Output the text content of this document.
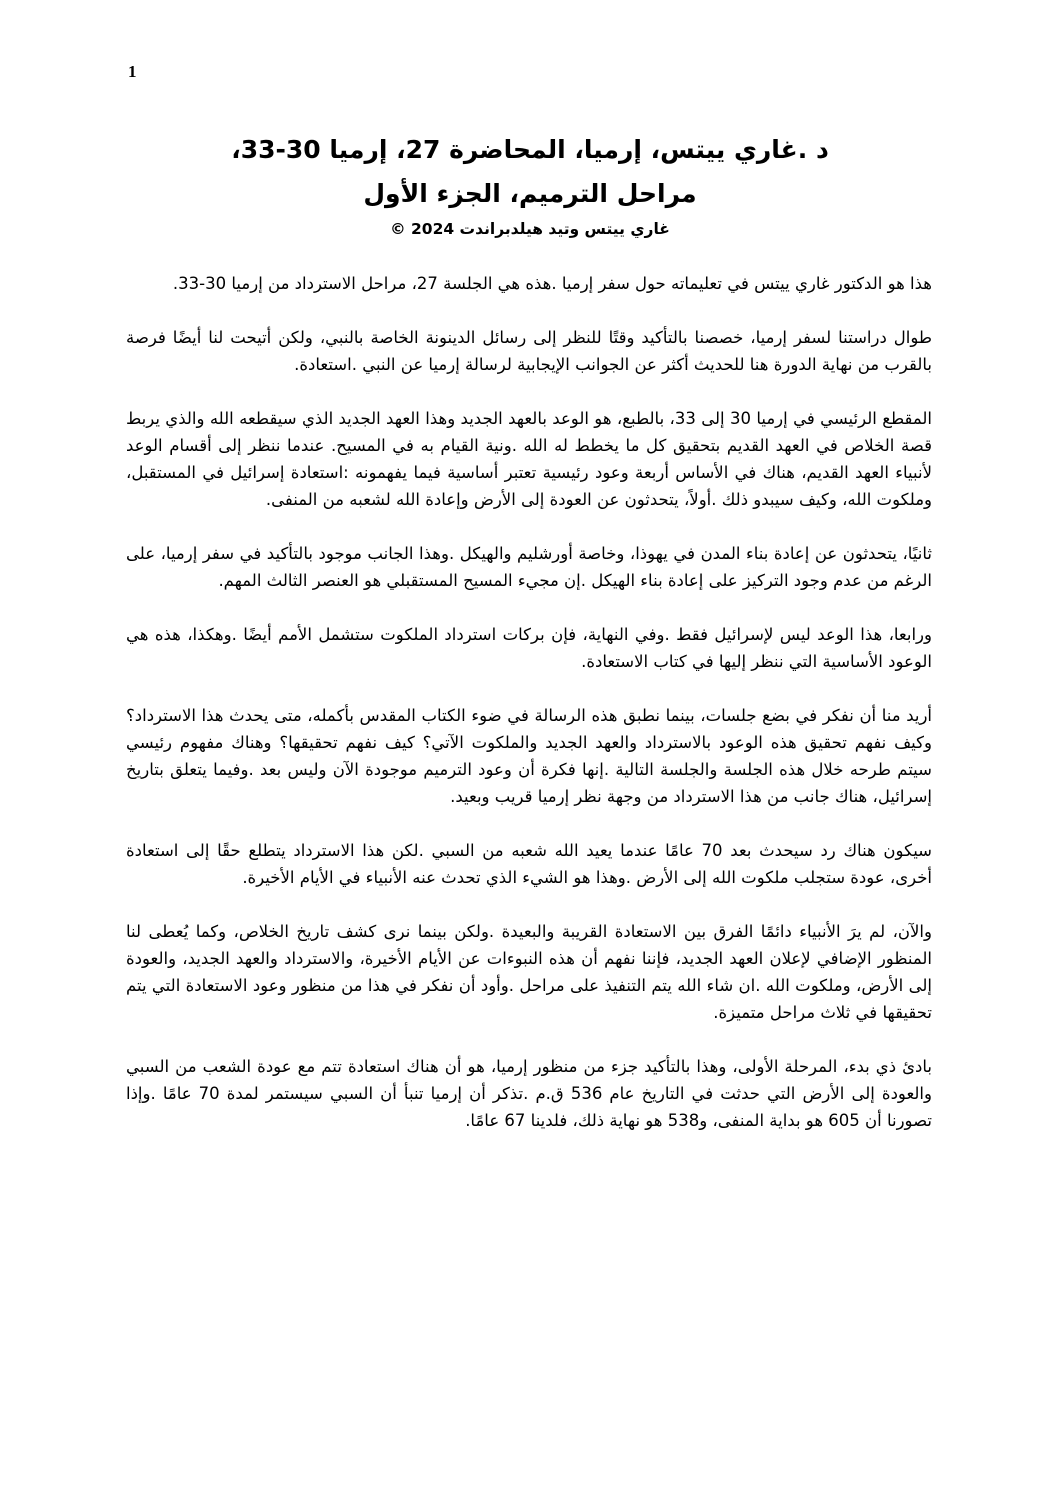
1
د .غاري ييتس، إرميا، المحاضرة 27، إرميا 30-33،
مراحل الترميم، الجزء الأول
غاري ييتس وتيد هيلدبراندت 2024 ©

هذا هو الدكتور غاري ييتس في تعليماته حول سفر إرميا .هذه هي الجلسة 27، مراحل الاسترداد من إرميا 30-33.

طوال دراستنا لسفر إرميا، خصصنا بالتأكيد وقتًا للنظر إلى رسائل الدينونة الخاصة بالنبي، ولكن أتيحت لنا أيضًا فرصة بالقرب من نهاية الدورة هنا للحديث أكثر عن الجوانب الإيجابية لرسالة إرميا عن النبي .استعادة.

المقطع الرئيسي في إرميا 30 إلى 33، بالطبع، هو الوعد بالعهد الجديد وهذا العهد الجديد الذي سيقطعه الله والذي يربط قصة الخلاص في العهد القديم بتحقيق كل ما يخطط له الله .ونية القيام به في المسيح. عندما ننظر إلى أقسام الوعد لأنبياء العهد القديم، هناك في الأساس أربعة وعود رئيسية تعتبر أساسية فيما يفهمونه :استعادة إسرائيل في المستقبل، وملكوت الله، وكيف سيبدو ذلك .أولاً، يتحدثون عن العودة إلى الأرض وإعادة الله لشعبه من المنفى.

ثانيًا، يتحدثون عن إعادة بناء المدن في يهوذا، وخاصة أورشليم والهيكل .وهذا الجانب موجود بالتأكيد في سفر إرميا، على الرغم من عدم وجود التركيز على إعادة بناء الهيكل .إن مجيء المسيح المستقبلي هو العنصر الثالث المهم.

ورابعا، هذا الوعد ليس لإسرائيل فقط .وفي النهاية، فإن بركات استرداد الملكوت ستشمل الأمم أيضًا .وهكذا، هذه هي الوعود الأساسية التي ننظر إليها في كتاب الاستعادة.

أريد منا أن نفكر في بضع جلسات، بينما نطبق هذه الرسالة في ضوء الكتاب المقدس بأكمله، متى يحدث هذا الاسترداد؟ وكيف نفهم تحقيق هذه الوعود بالاسترداد والعهد الجديد والملكوت الآتي؟ كيف نفهم تحقيقها؟ وهناك مفهوم رئيسي سيتم طرحه خلال هذه الجلسة والجلسة التالية .إنها فكرة أن وعود الترميم موجودة الآن وليس بعد .وفيما يتعلق بتاريخ إسرائيل، هناك جانب من هذا الاسترداد من وجهة نظر إرميا قريب وبعيد.

سيكون هناك رد سيحدث بعد 70 عامًا عندما يعيد الله شعبه من السبي .لكن هذا الاسترداد يتطلع حقًا إلى استعادة أخرى، عودة ستجلب ملكوت الله إلى الأرض .وهذا هو الشيء الذي تحدث عنه الأنبياء في الأيام الأخيرة.

والآن، لم يرَ الأنبياء دائمًا الفرق بين الاستعادة القريبة والبعيدة .ولكن بينما نرى كشف تاريخ الخلاص، وكما يُعطى لنا المنظور الإضافي لإعلان العهد الجديد، فإننا نفهم أن هذه النبوءات عن الأيام الأخيرة، والاسترداد والعهد الجديد، والعودة إلى الأرض، وملكوت الله .ان شاء الله يتم التنفيذ على مراحل .وأود أن نفكر في هذا من منظور وعود الاستعادة التي يتم تحقيقها في ثلاث مراحل متميزة.

بادئ ذي بدء، المرحلة الأولى، وهذا بالتأكيد جزء من منظور إرميا، هو أن هناك استعادة تتم مع عودة الشعب من السبي والعودة إلى الأرض التي حدثت في التاريخ عام 536 ق.م .تذكر أن إرميا تنبأ أن السبي سيستمر لمدة 70 عامًا .وإذا تصورنا أن 605 هو بداية المنفى، و538 هو نهاية ذلك، فلدينا 67 عامًا.
